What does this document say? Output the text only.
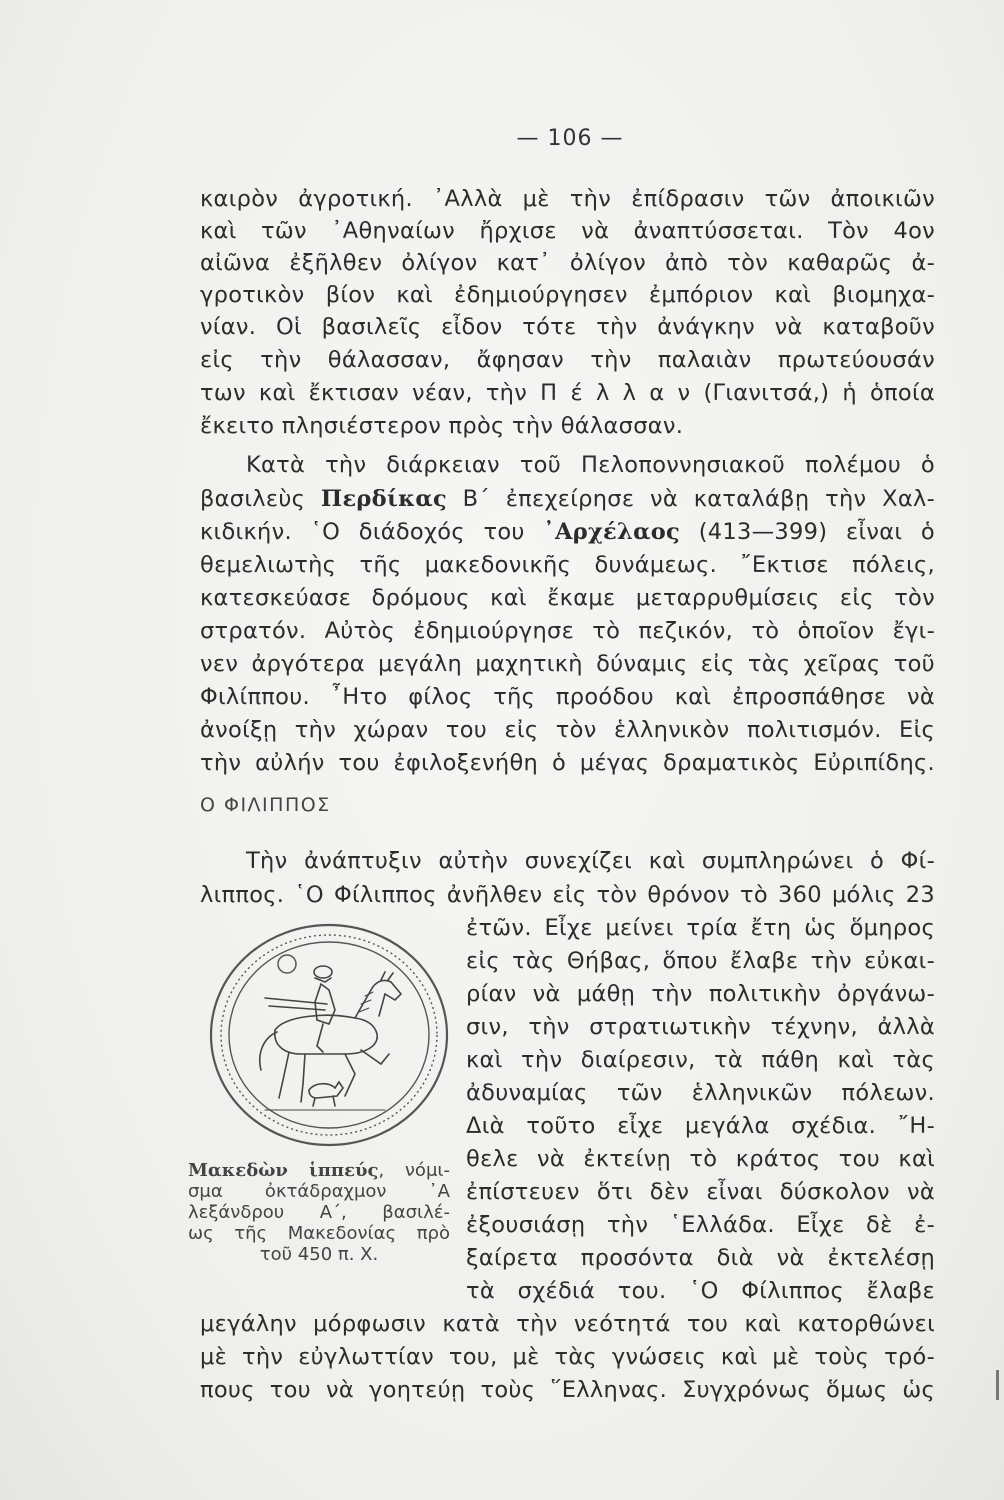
— 106 —
καιρὸν ἀγροτική. ᾿Αλλὰ μὲ τὴν ἐπίδρασιν τῶν ἀποικιῶν
καὶ τῶν ᾿Αθηναίων ἤρχισε νὰ ἀναπτύσσεται. Τὸν 4ον
αἰῶνα ἐξῆλθεν ὀλίγον κατ᾿ ὀλίγον ἀπὸ τὸν καθαρῶς ἀ-
γροτικὸν βίον καὶ ἐδημιούργησεν ἐμπόριον καὶ βιομηχα-
νίαν. Οἱ βασιλεῖς εἶδον τότε τὴν ἀνάγκην νὰ καταβοῦν
εἰς τὴν θάλασσαν, ἄφησαν τὴν παλαιὰν πρωτεύουσάν
των καὶ ἔκτισαν νέαν, τὴν Π έ λ λ α ν (Γιανιτσά,) ἡ ὁποία
ἔκειτο πλησιέστερον πρὸς τὴν θάλασσαν.
Κατὰ τὴν διάρκειαν τοῦ Πελοποννησιακοῦ πολέμου ὁ
βασιλεὺς Περδίκας Β΄ ἐπεχείρησε νὰ καταλάβῃ τὴν Χαλ-
κιδικήν. ῾Ο διάδοχός του ᾿Αρχέλαος (413—399) εἶναι ὁ
θεμελιωτὴς τῆς μακεδονικῆς δυνάμεως. ῎Εκτισε πόλεις,
κατεσκεύασε δρόμους καὶ ἔκαμε μεταρρυθμίσεις εἰς τὸν
στρατόν. Αὐτὸς ἐδημιούργησε τὸ πεζικόν, τὸ ὁποῖον ἔγι-
νεν ἀργότερα μεγάλη μαχητικὴ δύναμις εἰς τὰς χεῖρας τοῦ
Φιλίππου. ῏Ητο φίλος τῆς προόδου καὶ ἐπροσπάθησε νὰ
ἀνοίξῃ τὴν χώραν του εἰς τὸν ἑλληνικὸν πολιτισμόν. Εἰς
τὴν αὐλήν του ἐφιλοξενήθη ὁ μέγας δραματικὸς Εὐριπίδης.
Ο ΦΙΛΙΠΠΟΣ
Τὴν ἀνάπτυξιν αὐτὴν συνεχίζει καὶ συμπληρώνει ὁ Φί-
λιππος. ῾Ο Φίλιππος ἀνῆλθεν εἰς τὸν θρόνον τὸ 360 μόλις 23
ἐτῶν. Εἶχε μείνει τρία ἔτη ὡς ὅμηρος
εἰς τὰς Θήβας, ὅπου ἔλαβε τὴν εὐκαι-
ρίαν νὰ μάθῃ τὴν πολιτικὴν ὀργάνω-
σιν, τὴν στρατιωτικὴν τέχνην, ἀλλὰ
καὶ τὴν διαίρεσιν, τὰ πάθη καὶ τὰς
ἀδυναμίας τῶν ἑλληνικῶν πόλεων.
Διὰ τοῦτο εἶχε μεγάλα σχέδια. ῎Η-
θελε νὰ ἐκτείνῃ τὸ κράτος του καὶ
ἐπίστευεν ὅτι δὲν εἶναι δύσκολον νὰ
ἐξουσιάσῃ τὴν ῾Ελλάδα. Εἶχε δὲ ἐ-
ξαίρετα προσόντα διὰ νὰ ἐκτελέσῃ
τὰ σχέδιά του. ῾Ο Φίλιππος ἔλαβε
μεγάλην μόρφωσιν κατὰ τὴν νεότητά του καὶ κατορθώνει
μὲ τὴν εὐγλωττίαν του, μὲ τὰς γνώσεις καὶ μὲ τοὺς τρό-
πους του νὰ γοητεύῃ τοὺς ῞Ελληνας. Συγχρόνως ὅμως ὡς
Μακεδὼν ἱππεύς, νόμι-
σμα ὀκτάδραχμον ᾿Α
λεξάνδρου Α΄, βασιλέ-
ως τῆς Μακεδονίας πρὸ
τοῦ 450 π. Χ.
